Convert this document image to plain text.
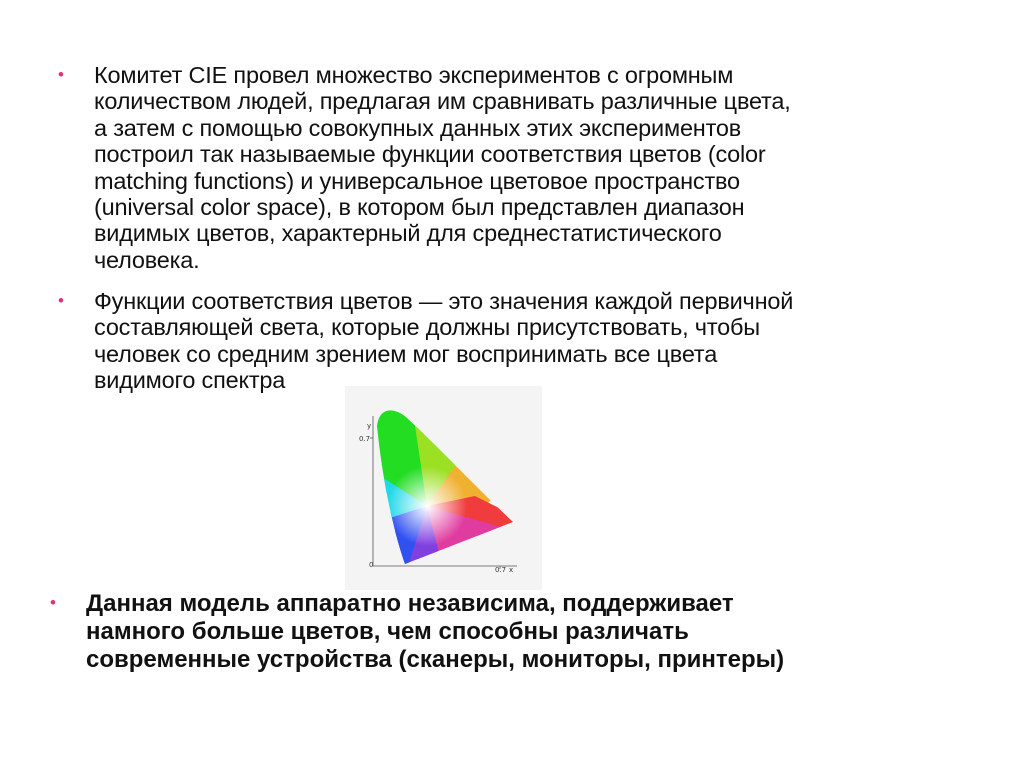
•	Комитет CIE провел множество экспериментов с огромным
количеством людей, предлагая им сравнивать различные цвета,
а затем с помощью совокупных данных этих экспериментов
построил так называемые функции соответствия цветов (color
matching functions) и универсальное цветовое пространство
(universal color space), в котором был представлен диапазон
видимых цветов, характерный для среднестатистического
человека.
•	Функции соответствия цветов — это значения каждой первичной
составляющей света, которые должны присутствовать, чтобы
человек со средним зрением мог воспринимать все цвета
видимого спектра
y
0.7
0
0.7 x
•	Данная модель аппаратно независима, поддерживает
намного больше цветов, чем способны различать
современные устройства (сканеры, мониторы, принтеры)
